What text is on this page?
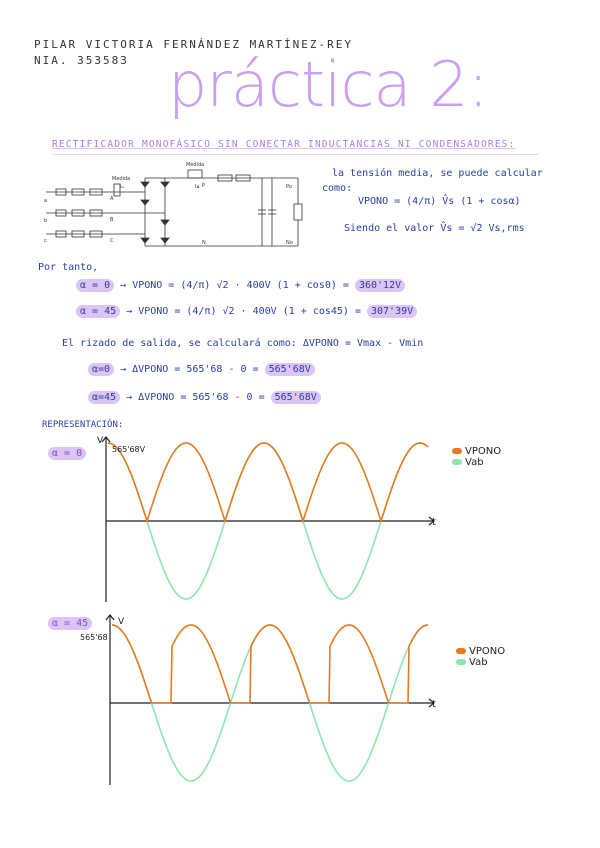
PILAR VICTORIA FERNÁNDEZ MARTÍNEZ-REY
NIA. 353583 práctica 2:
RECTIFICADOR MONOFÁSICO SIN CONECTAR INDUCTANCIAS NI CONDENSADORES:
Medida
Medida
Iᴀ
Iₛₐ	P
N
Po
No
a
b
c
A
B
C
la tensión media, se puede calcular
como:
VPONO = (4/π) V̂s (1 + cosα)
Siendo el valor V̂s = √2 Vs,rms
Por tanto,
α = 0 → VPONO = (4/π) √2 · 400V (1 + cos0) = 360'12V
α = 45 → VPONO = (4/π) √2 · 400V (1 + cos45) = 307'39V
El rizado de salida, se calculará como: ΔVPONO = Vmax - Vmin
α=0 → ΔVPONO = 565'68 - 0 = 565'68V
α=45 → ΔVPONO = 565'68 - 0 = 565'68V
REPRESENTACIÓN:
α = 0
V
t
565'68V	VPONO
Vab
α = 45	V
t
565'68
VPONO
Vab
